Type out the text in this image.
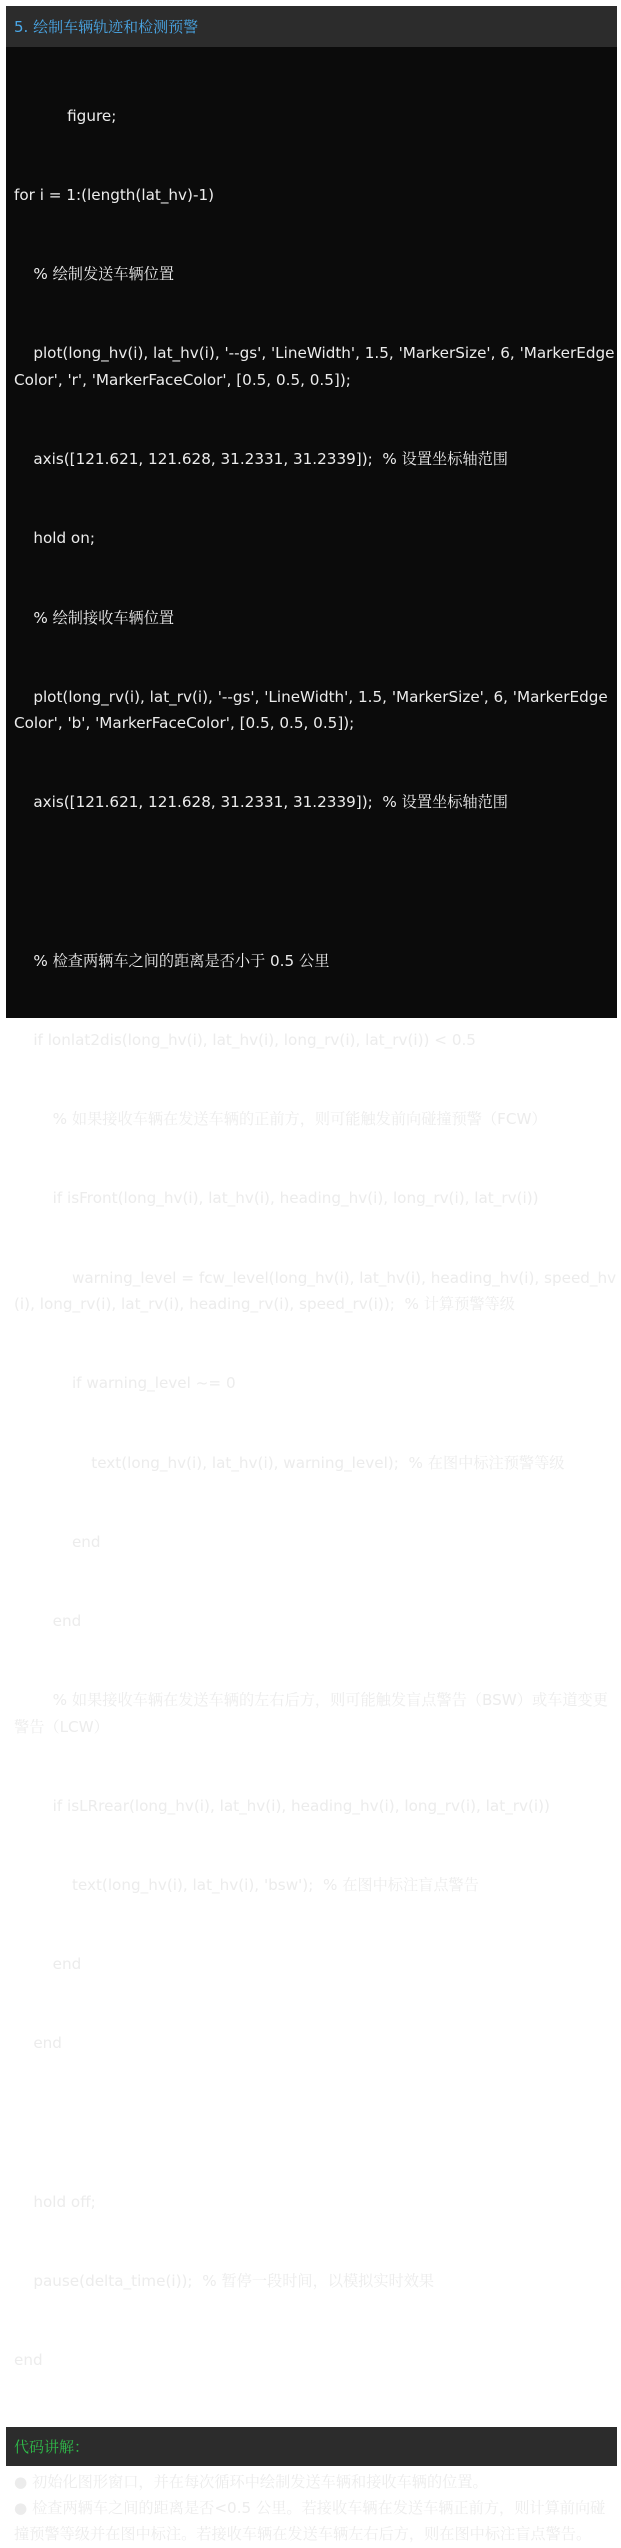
5. 绘制车辆轨迹和检测预警

figure;

for i = 1:(length(lat_hv)-1)

% 绘制发送车辆位置

plot(long_hv(i), lat_hv(i), '--gs', 'LineWidth', 1.5, 'MarkerSize', 6, 'MarkerEdgeColor', 'r', 'MarkerFaceColor', [0.5, 0.5, 0.5]);

axis([121.621, 121.628, 31.2331, 31.2339]);  % 设置坐标轴范围

hold on;

% 绘制接收车辆位置

plot(long_rv(i), lat_rv(i), '--gs', 'LineWidth', 1.5, 'MarkerSize', 6, 'MarkerEdgeColor', 'b', 'MarkerFaceColor', [0.5, 0.5, 0.5]);

axis([121.621, 121.628, 31.2331, 31.2339]);  % 设置坐标轴范围

% 检查两辆车之间的距离是否小于 0.5 公里

if lonlat2dis(long_hv(i), lat_hv(i), long_rv(i), lat_rv(i)) < 0.5

% 如果接收车辆在发送车辆的正前方，则可能触发前向碰撞预警（FCW）

if isFront(long_hv(i), lat_hv(i), heading_hv(i), long_rv(i), lat_rv(i))

warning_level = fcw_level(long_hv(i), lat_hv(i), heading_hv(i), speed_hv(i), long_rv(i), lat_rv(i), heading_rv(i), speed_rv(i));  % 计算预警等级

if warning_level ~= 0

text(long_hv(i), lat_hv(i), warning_level);  % 在图中标注预警等级

end

end

% 如果接收车辆在发送车辆的左右后方，则可能触发盲点警告（BSW）或车道变更警告（LCW）

if isLRrear(long_hv(i), lat_hv(i), heading_hv(i), long_rv(i), lat_rv(i))

text(long_hv(i), lat_hv(i), 'bsw');  % 在图中标注盲点警告

end

end

hold off;

pause(delta_time(i));  % 暂停一段时间，以模拟实时效果

end

代码讲解：
● 初始化图形窗口，并在每次循环中绘制发送车辆和接收车辆的位置。
● 检查两辆车之间的距离是否<0.5 公里。若接收车辆在发送车辆正前方，则计算前向碰撞预警等级并在图中标注。若接收车辆在发送车辆左右后方，则在图中标注盲点警告。
